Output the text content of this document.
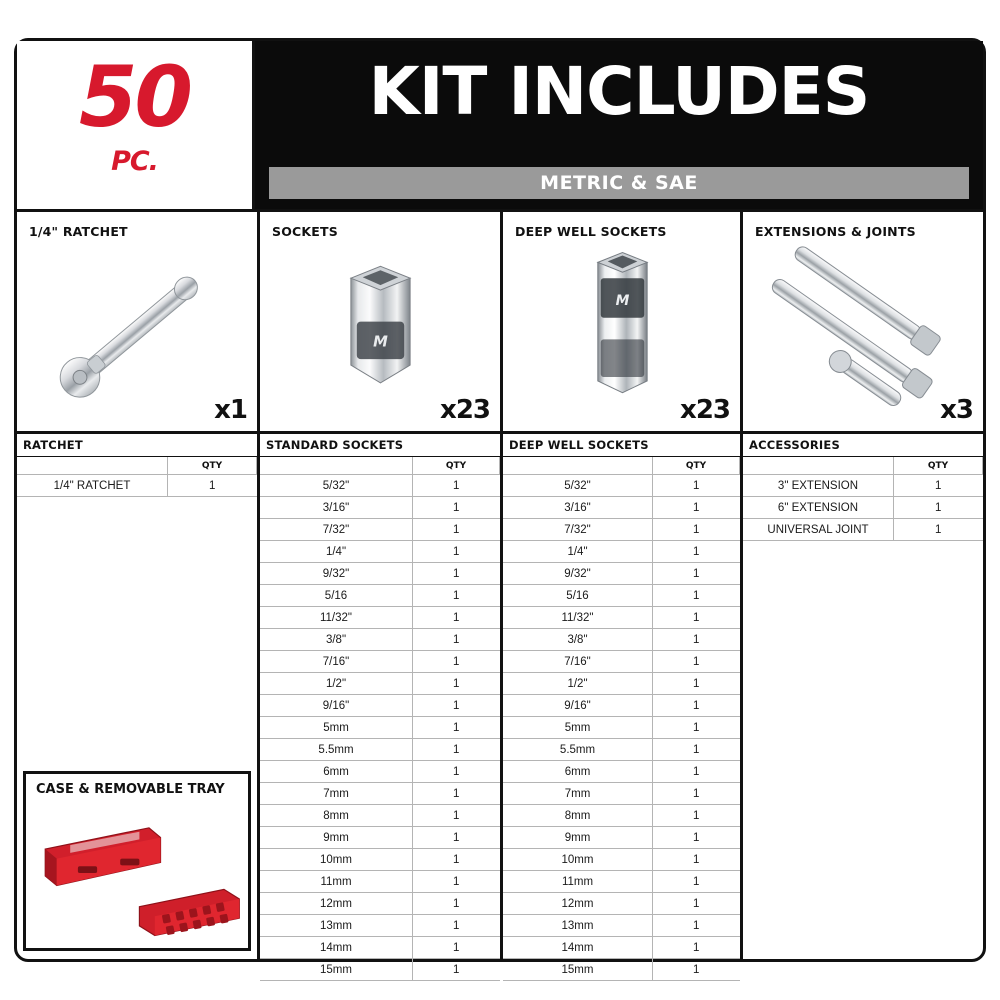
50
PC.
KIT INCLUDES
METRIC & SAE
1/4" RATCHET
x1
SOCKETS
M
x23
DEEP WELL SOCKETS
M
x23
EXTENSIONS & JOINTS
x3
RATCHET
	QTY
1/4" RATCHET	1
CASE & REMOVABLE TRAY
STANDARD SOCKETS
	QTY
5/32"	1
3/16"	1
7/32"	1
1/4"	1
9/32"	1
5/16	1
11/32"	1
3/8"	1
7/16"	1
1/2"	1
9/16"	1
5mm	1
5.5mm	1
6mm	1
7mm	1
8mm	1
9mm	1
10mm	1
11mm	1
12mm	1
13mm	1
14mm	1
15mm	1
DEEP WELL SOCKETS
	QTY
5/32"	1
3/16"	1
7/32"	1
1/4"	1
9/32"	1
5/16	1
11/32"	1
3/8"	1
7/16"	1
1/2"	1
9/16"	1
5mm	1
5.5mm	1
6mm	1
7mm	1
8mm	1
9mm	1
10mm	1
11mm	1
12mm	1
13mm	1
14mm	1
15mm	1
ACCESSORIES
	QTY
3" EXTENSION	1
6" EXTENSION	1
UNIVERSAL JOINT	1
